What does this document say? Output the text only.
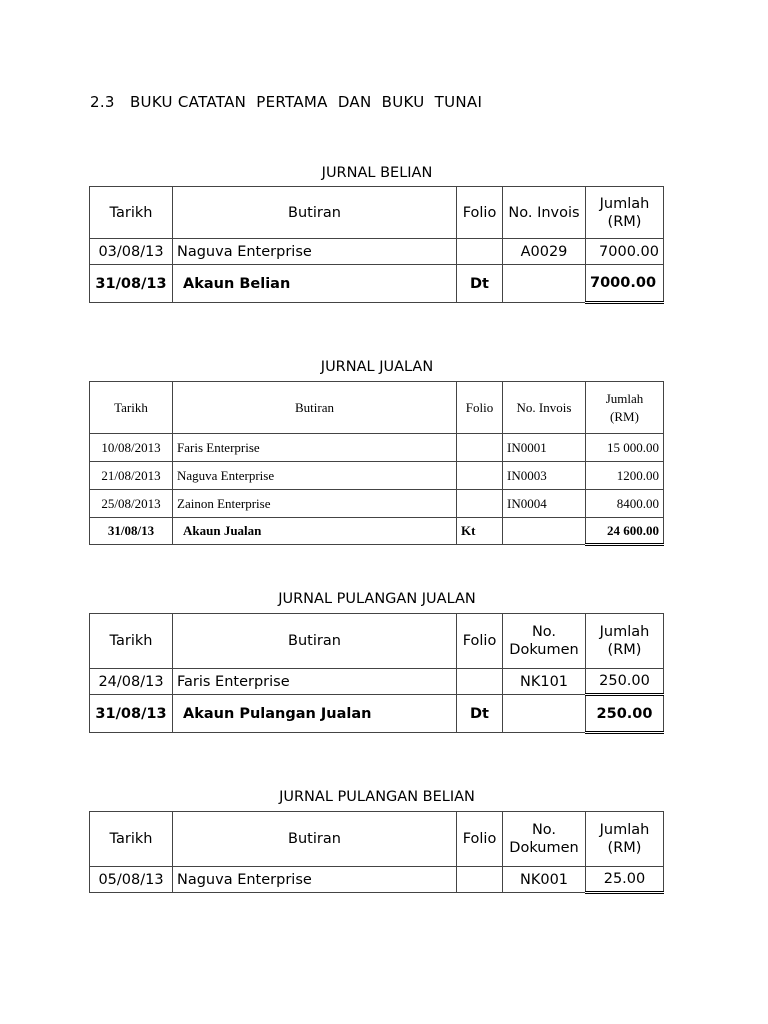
2.3   BUKU CATATAN  PERTAMA  DAN  BUKU  TUNAI
JURNAL BELIAN
Tarikh	Butiran	Folio	No. Invois	Jumlah (RM)
03/08/13	Naguva Enterprise		A0029	7000.00
31/08/13	Akaun Belian	Dt		7000.00
JURNAL JUALAN
Tarikh	Butiran	Folio	No. Invois	Jumlah
(RM)

10/08/2013	Faris Enterprise		IN0001	15 000.00
21/08/2013	Naguva Enterprise		IN0003	1200.00
25/08/2013	Zainon Enterprise		IN0004	8400.00
31/08/13	Akaun Jualan	Kt		24 600.00
JURNAL PULANGAN JUALAN
Tarikh	Butiran	Folio	No. Dokumen	Jumlah (RM)
24/08/13	Faris Enterprise		NK101	250.00
31/08/13	Akaun Pulangan Jualan	Dt		250.00
JURNAL PULANGAN BELIAN
Tarikh	Butiran	Folio	No. Dokumen	Jumlah (RM)
05/08/13	Naguva Enterprise		NK001	25.00
